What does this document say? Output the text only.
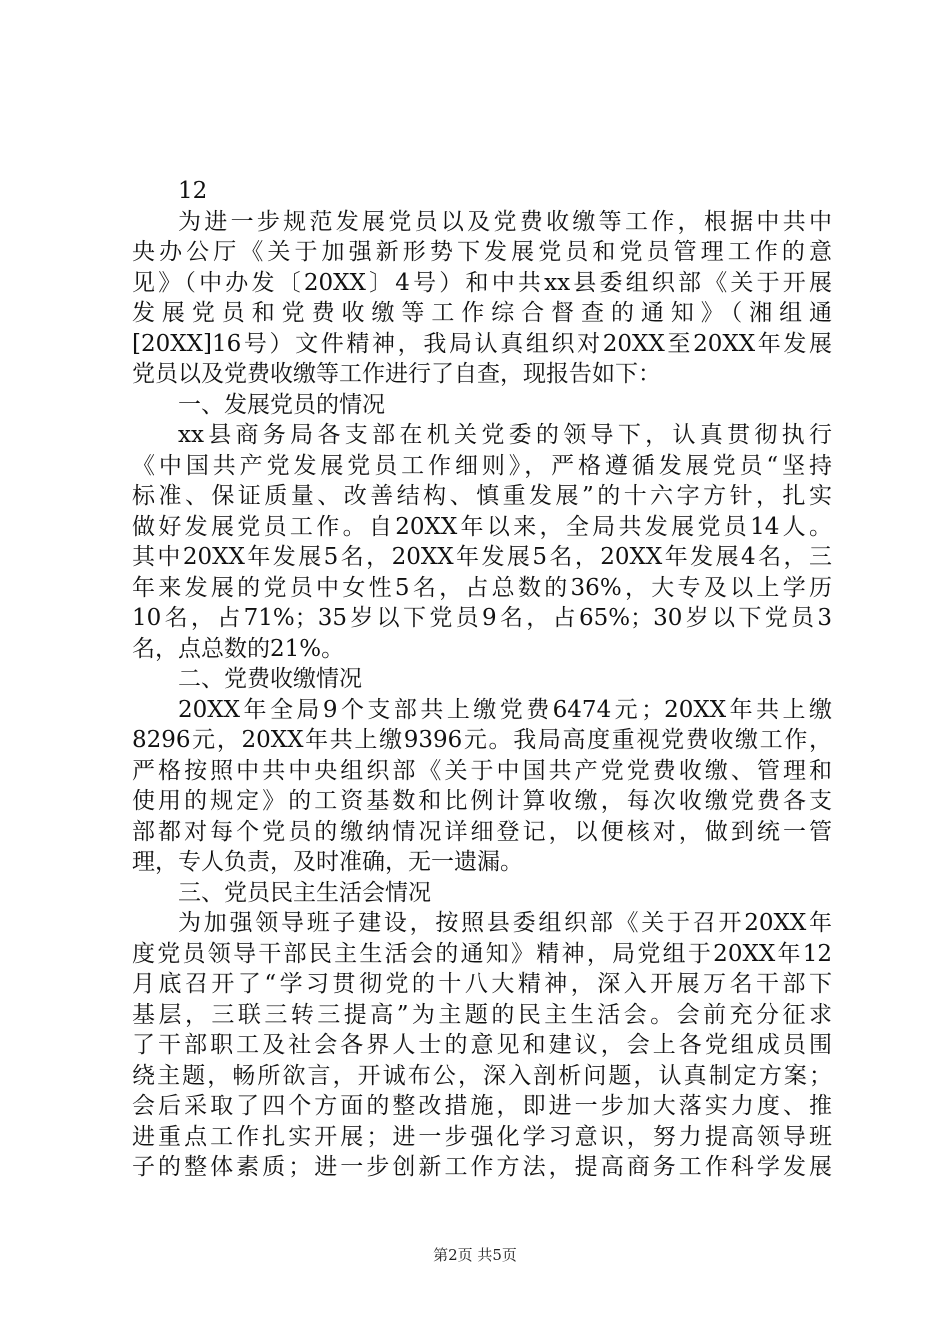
12
为进一步规范发展党员以及党费收缴等工作，根据中共中
央办公厅《关于加强新形势下发展党员和党员管理工作的意
见》（中办发〔20XX〕4号）和中共xx县委组织部《关于开展
发展党员和党费收缴等工作综合督查的通知》（湘组通
[20XX]16号）文件精神，我局认真组织对20XX至20XX年发展
党员以及党费收缴等工作进行了自查，现报告如下：
一、发展党员的情况
xx县商务局各支部在机关党委的领导下，认真贯彻执行
《中国共产党发展党员工作细则》，严格遵循发展党员“坚持
标准、保证质量、改善结构、慎重发展”的十六字方针，扎实
做好发展党员工作。自20XX年以来，全局共发展党员14人。
其中20XX年发展5名，20XX年发展5名，20XX年发展4名，三
年来发展的党员中女性5名，占总数的36%，大专及以上学历
10名，占71%；35岁以下党员9名，占65%；30岁以下党员3
名，点总数的21%。
二、党费收缴情况
20XX年全局9个支部共上缴党费6474元；20XX年共上缴
8296元，20XX年共上缴9396元。我局高度重视党费收缴工作，
严格按照中共中央组织部《关于中国共产党党费收缴、管理和
使用的规定》的工资基数和比例计算收缴，每次收缴党费各支
部都对每个党员的缴纳情况详细登记，以便核对，做到统一管
理，专人负责，及时准确，无一遗漏。
三、党员民主生活会情况
为加强领导班子建设，按照县委组织部《关于召开20XX年
度党员领导干部民主生活会的通知》精神，局党组于20XX年12
月底召开了“学习贯彻党的十八大精神，深入开展万名干部下
基层，三联三转三提高”为主题的民主生活会。会前充分征求
了干部职工及社会各界人士的意见和建议，会上各党组成员围
绕主题，畅所欲言，开诚布公，深入剖析问题，认真制定方案；
会后采取了四个方面的整改措施，即进一步加大落实力度、推
进重点工作扎实开展；进一步强化学习意识，努力提高领导班
子的整体素质；进一步创新工作方法，提高商务工作科学发展
第2页 共5页
